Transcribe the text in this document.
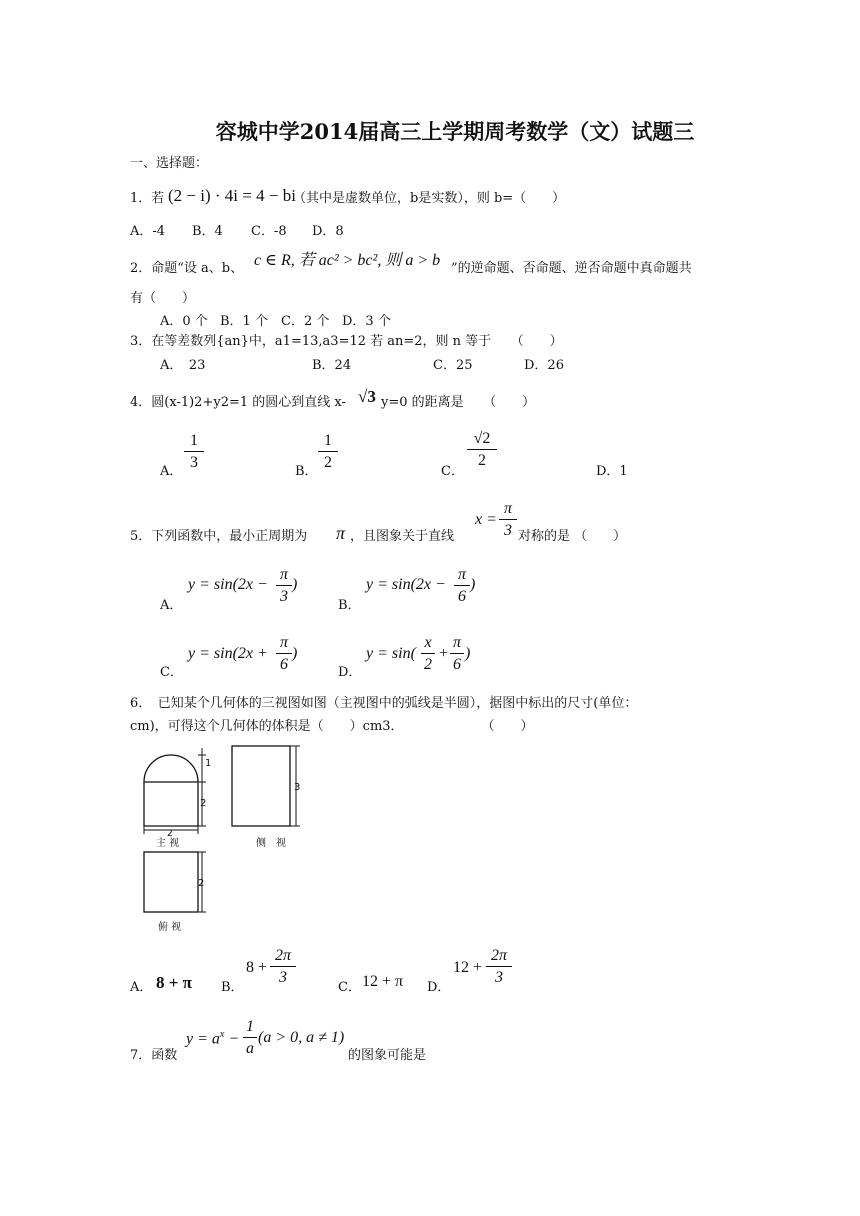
容城中学2014届高三上学期周考数学（文）试题三
一、选择题：
1．若 (2 − i) · 4i = 4 − bi
（其中是虚数单位，b是实数），则 b=（　　）
A．-4 B．4 C．-8 D．8
2．命题“设 a、b、 c ∈ R, 若 ac² > bc², 则 a > b ”的逆命题、否命题、逆否命题中真命题共
有（　　）
A．0 个 B．1 个 C．2 个 D．3 个
3．在等差数列{an}中，a1=13,a3=12 若 an=2，则 n 等于　　（　　）
A．　23	B．24	C．25	D．26
4．圆(x-1)2+y2=1 的圆心到直线 x- √3 y=0 的距离是　　（　　）
A． $\frac{1}{3}$	B． $\frac{1}{2}$	C．
$\frac{√2}{2}$
D．1
5．下列函数中，最小正周期为 π ，且图象关于直线
$x = \frac{\pi}{3}$ 对称的是 （　　）
A．
$y = \sin(2x - \frac{\pi}{3}$ )
B．
$y = \sin(2x - \frac{\pi}{6}$ )
C．
$y = \sin(2x + \frac{\pi}{6}$ )
D．
$y = \sin( \frac{x}{2} + \frac{\pi}{6}$ )
6．　已知某个几何体的三视图如图（主视图中的弧线是半圆），据图中标出的尺寸(单位：
cm)，可得这个几何体的体积是（　　）cm3．　　　　　　　（　　）
1
2
2
主 视
3
侧　视
2
俯 视
A． 8 + π B．
$8 + \frac{2\pi}{3}$
C． 12 + π D．
$12 + \frac{2\pi}{3}$
7．函数
$y = a^x - \frac{1}{a} (a > 0$, a ≠ 1)
的图象可能是
